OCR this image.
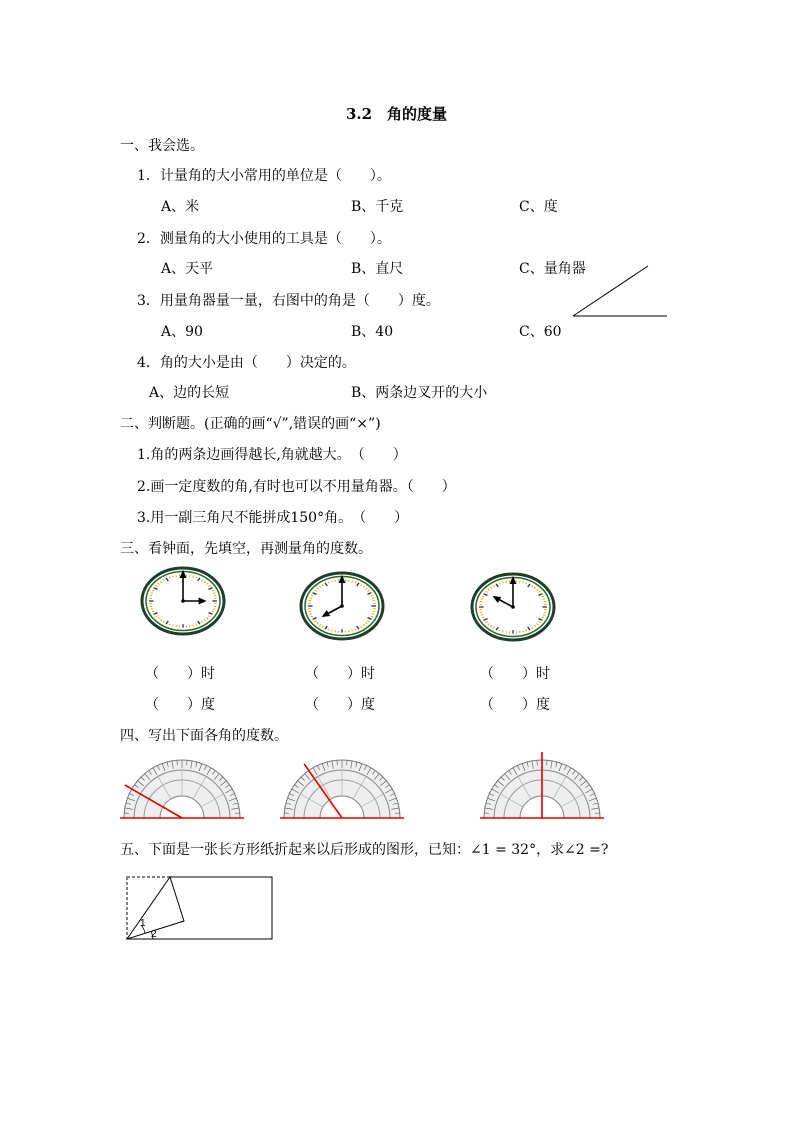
3.2　角的度量
一、我会选。
1．计量角的大小常用的单位是（　　）。
A、米	B、千克	C、度
2．测量角的大小使用的工具是（　　）。
A、天平	B、直尺	C、量角器
3．用量角器量一量，右图中的角是（　　）度。
A、90	B、40	C、60
4．角的大小是由（　　）决定的。
A、边的长短	B、两条边叉开的大小
二、判断题。(正确的画“√”,错误的画“×”)
1.角的两条边画得越长,角就越大。　（　　）
2.画一定度数的角,有时也可以不用量角器。（　　）
3.用一副三角尺不能拼成150°角。　（　　）
三、看钟面，先填空，再测量角的度数。
（　　）时	（　　）时	（　　）时
（　　）度	（　　）度	（　　）度
四、写出下面各角的度数。
五、下面是一张长方形纸折起来以后形成的图形，已知：∠1 = 32°，求∠2 =?
1
2
